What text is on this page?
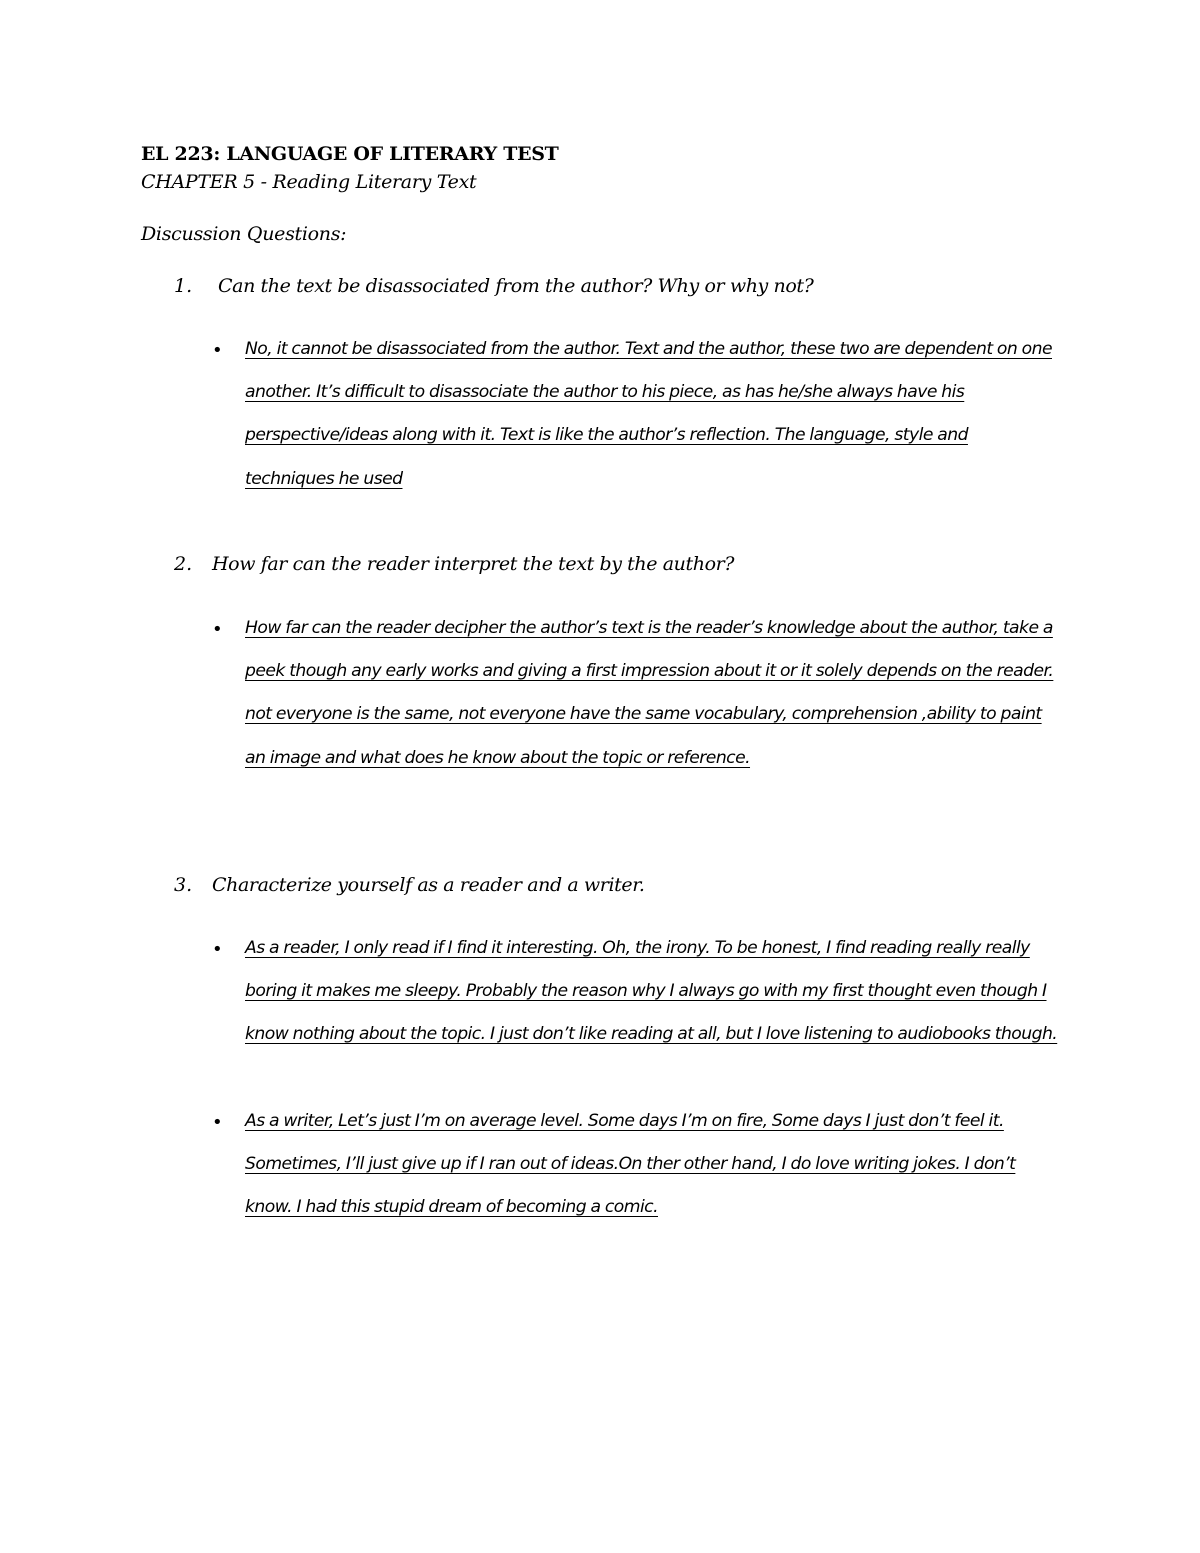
EL 223: LANGUAGE OF LITERARY TEST
CHAPTER 5 - Reading Literary Text
Discussion Questions:
1. Can the text be disassociated from the author? Why or why not?
• No, it cannot be disassociated from the author. Text and the author, these two are dependent on one another. It’s difficult to disassociate the author to his piece, as has he/she always have his perspective/ideas along with it. Text is like the author’s reflection. The language, style and techniques he used

2. How far can the reader interpret the text by the author?
• How far can the reader decipher the author’s text is the reader’s knowledge about the author, take a peek though any early works and giving a first impression about it or it solely depends on the reader. not everyone is the same, not everyone have the same vocabulary, comprehension ,ability to paint an image and what does he know about the topic or reference.

3. Characterize yourself as a reader and a writer.
• As a reader, I only read if I find it interesting. Oh, the irony. To be honest, I find reading really really boring it makes me sleepy. Probably the reason why I always go with my first thought even though I know nothing about the topic. I just don’t like reading at all, but I love listening to audiobooks though.

• As a writer, Let’s just I’m on average level. Some days I’m on fire, Some days I just don’t feel it. Sometimes, I’ll just give up if I ran out of ideas.On ther other hand, I do love writing jokes. I don’t know. I had this stupid dream of becoming a comic.
